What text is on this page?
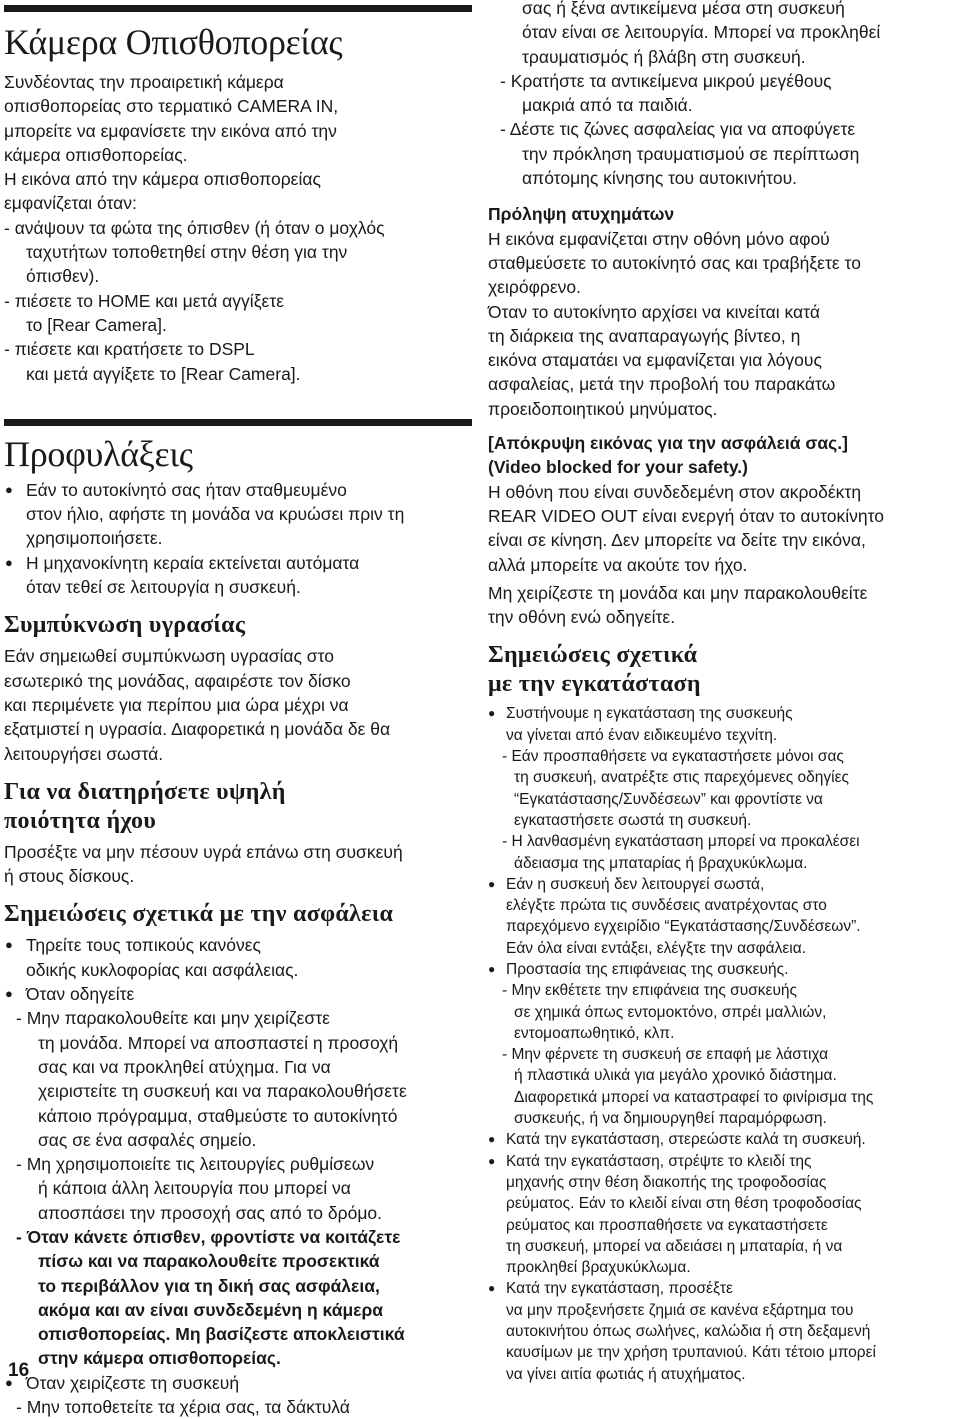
Κάμερα Οπισθοπορείας
Συνδέοντας την προαιρετική κάμερα
οπισθοπορείας στο τερματικό CAMERA IN,
μπορείτε να εμφανίσετε την εικόνα από την
κάμερα οπισθοπορείας.
Η εικόνα από την κάμερα οπισθοπορείας
εμφανίζεται όταν:
- ανάψουν τα φώτα της όπισθεν (ή όταν ο μοχλός
ταχυτήτων τοποθετηθεί στην θέση για την
όπισθεν).
- πιέσετε το HOME και μετά αγγίξετε
το [Rear Camera].
- πιέσετε και κρατήσετε το DSPL
και μετά αγγίξετε το [Rear Camera].
Προφυλάξεις
● Εάν το αυτοκίνητό σας ήταν σταθμευμένο
στον ήλιο, αφήστε τη μονάδα να κρυώσει πριν τη
χρησιμοποιήσετε.
● Η μηχανοκίνητη κεραία εκτείνεται αυτόματα
όταν τεθεί σε λειτουργία η συσκευή.
Συμπύκνωση υγρασίας
Εάν σημειωθεί συμπύκνωση υγρασίας στο
εσωτερικό της μονάδας, αφαιρέστε τον δίσκο
και περιμένετε για περίπου μια ώρα μέχρι να
εξατμιστεί η υγρασία. Διαφορετικά η μονάδα δε θα
λειτουργήσει σωστά.
Για να διατηρήσετε υψηλή
ποιότητα ήχου
Προσέξτε να μην πέσουν υγρά επάνω στη συσκευή
ή στους δίσκους.
Σημειώσεις σχετικά με την ασφάλεια
● Τηρείτε τους τοπικούς κανόνες
οδικής κυκλοφορίας και ασφάλειας.
● Όταν οδηγείτε
- Μην παρακολουθείτε και μην χειρίζεστε
τη μονάδα. Μπορεί να αποσπαστεί η προσοχή
σας και να προκληθεί ατύχημα. Για να
χειριστείτε τη συσκευή και να παρακολουθήσετε
κάποιο πρόγραμμα, σταθμεύστε το αυτοκίνητό
σας σε ένα ασφαλές σημείο.
- Μη χρησιμοποιείτε τις λειτουργίες ρυθμίσεων
ή κάποια άλλη λειτουργία που μπορεί να
αποσπάσει την προσοχή σας από το δρόμο.
- Όταν κάνετε όπισθεν, φροντίστε να κοιτάζετε
πίσω και να παρακολουθείτε προσεκτικά
το περιβάλλον για τη δική σας ασφάλεια,
ακόμα και αν είναι συνδεδεμένη η κάμερα
οπισθοπορείας. Μη βασίζεστε αποκλειστικά
στην κάμερα οπισθοπορείας.
● Όταν χειρίζεστε τη συσκευή
- Μην τοποθετείτε τα χέρια σας, τα δάκτυλά
16
σας ή ξένα αντικείμενα μέσα στη συσκευή
όταν είναι σε λειτουργία. Μπορεί να προκληθεί
τραυματισμός ή βλάβη στη συσκευή.
- Κρατήστε τα αντικείμενα μικρού μεγέθους
μακριά από τα παιδιά.
- Δέστε τις ζώνες ασφαλείας για να αποφύγετε
την πρόκληση τραυματισμού σε περίπτωση
απότομης κίνησης του αυτοκινήτου.
Πρόληψη ατυχημάτων
Η εικόνα εμφανίζεται στην οθόνη μόνο αφού
σταθμεύσετε το αυτοκίνητό σας και τραβήξετε το
χειρόφρενο.
Όταν το αυτοκίνητο αρχίσει να κινείται κατά
τη διάρκεια της αναπαραγωγής βίντεο, η
εικόνα σταματάει να εμφανίζεται για λόγους
ασφαλείας, μετά την προβολή του παρακάτω
προειδοποιητικού μηνύματος.
[Απόκρυψη εικόνας για την ασφάλειά σας.]
(Video blocked for your safety.)
Η οθόνη που είναι συνδεδεμένη στον ακροδέκτη
REAR VIDEO OUT είναι ενεργή όταν το αυτοκίνητο
είναι σε κίνηση. Δεν μπορείτε να δείτε την εικόνα,
αλλά μπορείτε να ακούτε τον ήχο.
Μη χειρίζεστε τη μονάδα και μην παρακολουθείτε
την οθόνη ενώ οδηγείτε.
Σημειώσεις σχετικά
με την εγκατάσταση
● Συστήνουμε η εγκατάσταση της συσκευής
να γίνεται από έναν ειδικευμένο τεχνίτη.
- Εάν προσπαθήσετε να εγκαταστήσετε μόνοι σας
τη συσκευή, ανατρέξτε στις παρεχόμενες οδηγίες
“Εγκατάστασης/Συνδέσεων” και φροντίστε να
εγκαταστήσετε σωστά τη συσκευή.
- Η λανθασμένη εγκατάσταση μπορεί να προκαλέσει
άδειασμα της μπαταρίας ή βραχυκύκλωμα.
● Εάν η συσκευή δεν λειτουργεί σωστά,
ελέγξτε πρώτα τις συνδέσεις ανατρέχοντας στο
παρεχόμενο εγχειρίδιο “Εγκατάστασης/Συνδέσεων”.
Εάν όλα είναι εντάξει, ελέγξτε την ασφάλεια.
● Προστασία της επιφάνειας της συσκευής.
- Μην εκθέτετε την επιφάνεια της συσκευής
σε χημικά όπως εντομοκτόνο, σπρέι μαλλιών,
εντομοαπωθητικό, κλπ.
- Μην φέρνετε τη συσκευή σε επαφή με λάστιχα
ή πλαστικά υλικά για μεγάλο χρονικό διάστημα.
Διαφορετικά μπορεί να καταστραφεί το φινίρισμα της
συσκευής, ή να δημιουργηθεί παραμόρφωση.
● Κατά την εγκατάσταση, στερεώστε καλά τη συσκευή.
● Κατά την εγκατάσταση, στρέψτε το κλειδί της
μηχανής στην θέση διακοπής της τροφοδοσίας
ρεύματος. Εάν το κλειδί είναι στη θέση τροφοδοσίας
ρεύματος και προσπαθήσετε να εγκαταστήσετε
τη συσκευή, μπορεί να αδειάσει η μπαταρία, ή να
προκληθεί βραχυκύκλωμα.
● Κατά την εγκατάσταση, προσέξτε
να μην προξενήσετε ζημιά σε κανένα εξάρτημα του
αυτοκινήτου όπως σωλήνες, καλώδια ή στη δεξαμενή
καυσίμων με την χρήση τρυπανιού. Κάτι τέτοιο μπορεί
να γίνει αιτία φωτιάς ή ατυχήματος.
